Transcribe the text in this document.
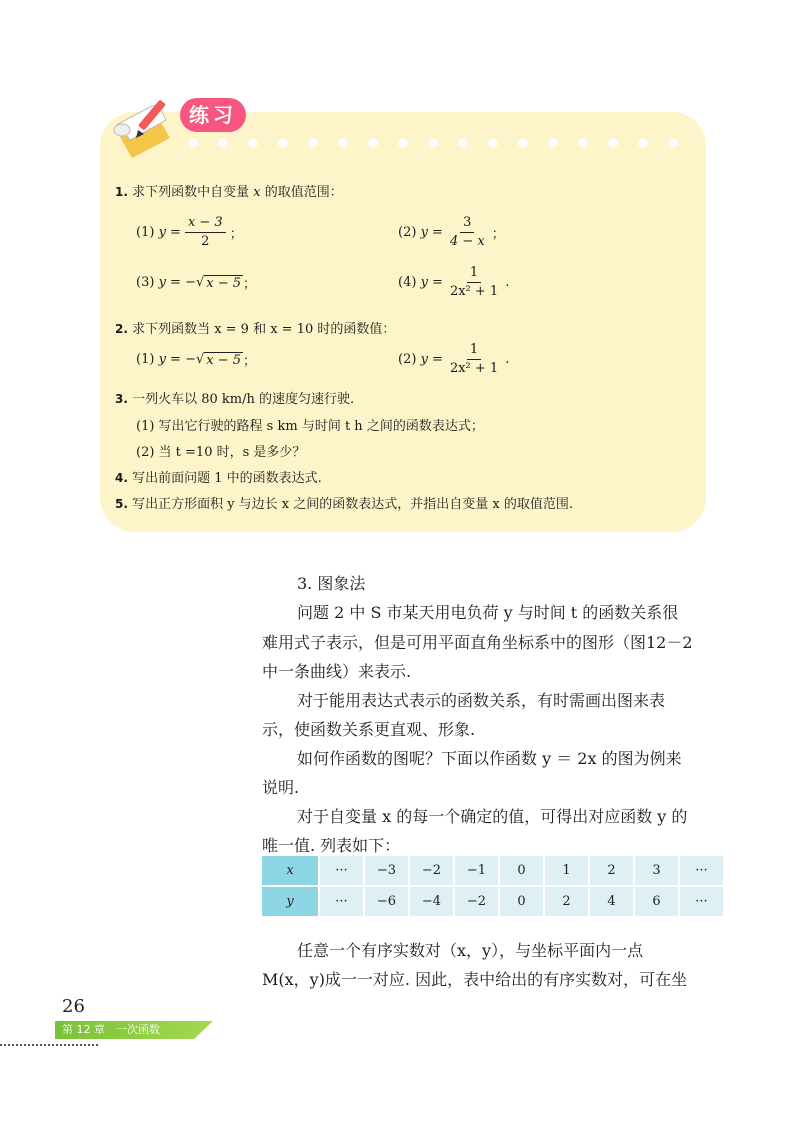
练习
1. 求下列函数中自变量 x 的取值范围：
(1)
$y = \frac{x - 3}{2}$ ；	(2)
$y = \frac{3}{4 - x}$ ；
(3)
y = − √ x − 5 ；	(4)
$y = \frac{1}{\text{2x² + 1}}$ .
2. 求下列函数当 x = 9 和 x = 10 时的函数值：
(1)
y = − √ x − 5 ；	(2)
$y = \frac{1}{\text{2x² + 1}}$ .
3. 一列火车以 80 km/h 的速度匀速行驶.
(1) 写出它行驶的路程 s km 与时间 t h 之间的函数表达式；
(2) 当 t =10 时，s 是多少？
4. 写出前面问题 1 中的函数表达式.
5. 写出正方形面积 y 与边长 x 之间的函数表达式，并指出自变量 x 的取值范围.
3. 图象法
问题 2 中 S 市某天用电负荷 y 与时间 t 的函数关系很
难用式子表示，但是可用平面直角坐标系中的图形（图12－2
中一条曲线）来表示.
对于能用表达式表示的函数关系，有时需画出图来表
示，使函数关系更直观、形象.
如何作函数的图呢？下面以作函数 y ＝ 2x 的图为例来
说明.
对于自变量 x 的每一个确定的值，可得出对应函数 y 的
唯一值. 列表如下：
x	···	−3	−2	−1	0	1	2	3	···
y	···	−6	−4	−2	0	2	4	6	···
任意一个有序实数对（x，y），与坐标平面内一点
M(x，y)成一一对应. 因此，表中给出的有序实数对，可在坐
26
第 12 章　一次函数
